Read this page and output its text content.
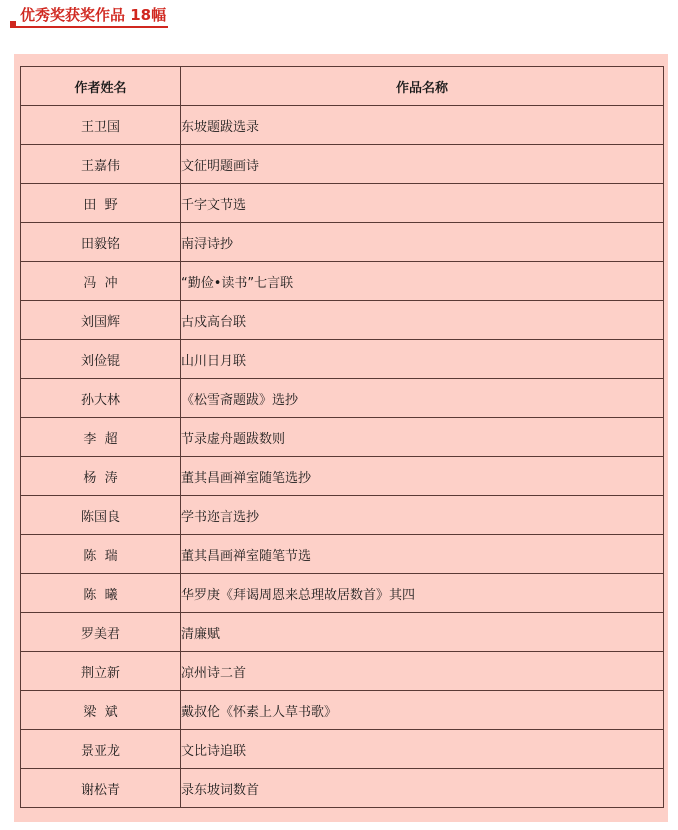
优秀奖获奖作品 18幅
作者姓名	作品名称
王卫国	东坡题跋选录
王嘉伟	文征明题画诗
田  野	千字文节选
田毅铭	南浔诗抄
冯  冲	“勤俭•读书”七言联
刘国辉	古戍高台联
刘俭锟	山川日月联
孙大林	《松雪斋题跋》选抄
李  超	节录虚舟题跋数则
杨  涛	董其昌画禅室随笔选抄
陈国良	学书迩言选抄
陈  瑞	董其昌画禅室随笔节选
陈  曦	华罗庚《拜谒周恩来总理故居数首》其四
罗美君	清廉赋
荆立新	凉州诗二首
梁  斌	戴叔伦《怀素上人草书歌》
景亚龙	文比诗追联
谢松青	录东坡词数首
